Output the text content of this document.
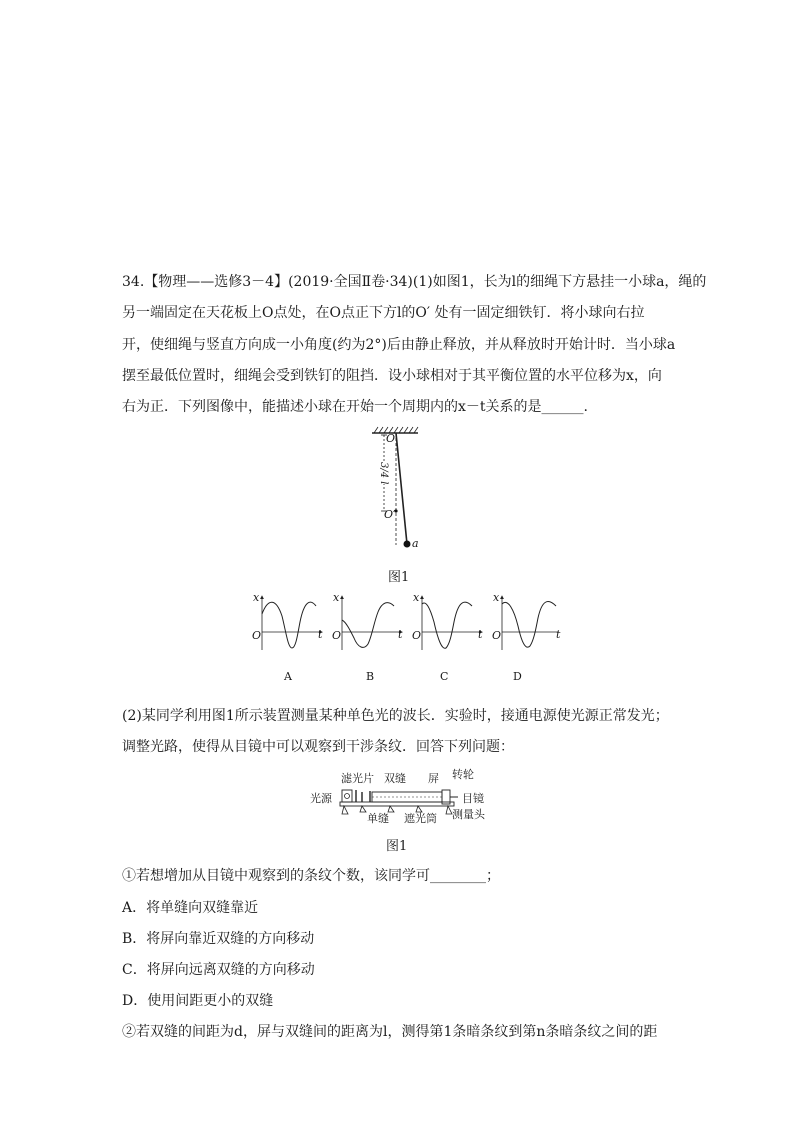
34.【物理——选修3－4】(2019·全国Ⅱ卷·34)(1)如图1，长为l的细绳下方悬挂一小球a，绳的
另一端固定在天花板上O点处，在O点正下方l的O′ 处有一固定细铁钉．将小球向右拉
开，使细绳与竖直方向成一小角度(约为2°)后由静止释放，并从释放时开始计时．当小球a
摆至最低位置时，细绳会受到铁钉的阻挡．设小球相对于其平衡位置的水平位移为x，向
右为正．下列图像中，能描述小球在开始一个周期内的x－t关系的是______.
O
O′
3/4 l
a
图1
x	x	x	x
t	t	t	t
O	O	O	O
A	B	C	D
(2)某同学利用图1所示装置测量某种单色光的波长．实验时，接通电源使光源正常发光；
调整光路，使得从目镜中可以观察到干涉条纹．回答下列问题：
滤光片 双缝 屏 转轮
光源	目镜
单缝 遮光筒 测量头
图1
①若想增加从目镜中观察到的条纹个数，该同学可________；
A．将单缝向双缝靠近
B．将屏向靠近双缝的方向移动
C．将屏向远离双缝的方向移动
D．使用间距更小的双缝
②若双缝的间距为d，屏与双缝间的距离为l，测得第1条暗条纹到第n条暗条纹之间的距
